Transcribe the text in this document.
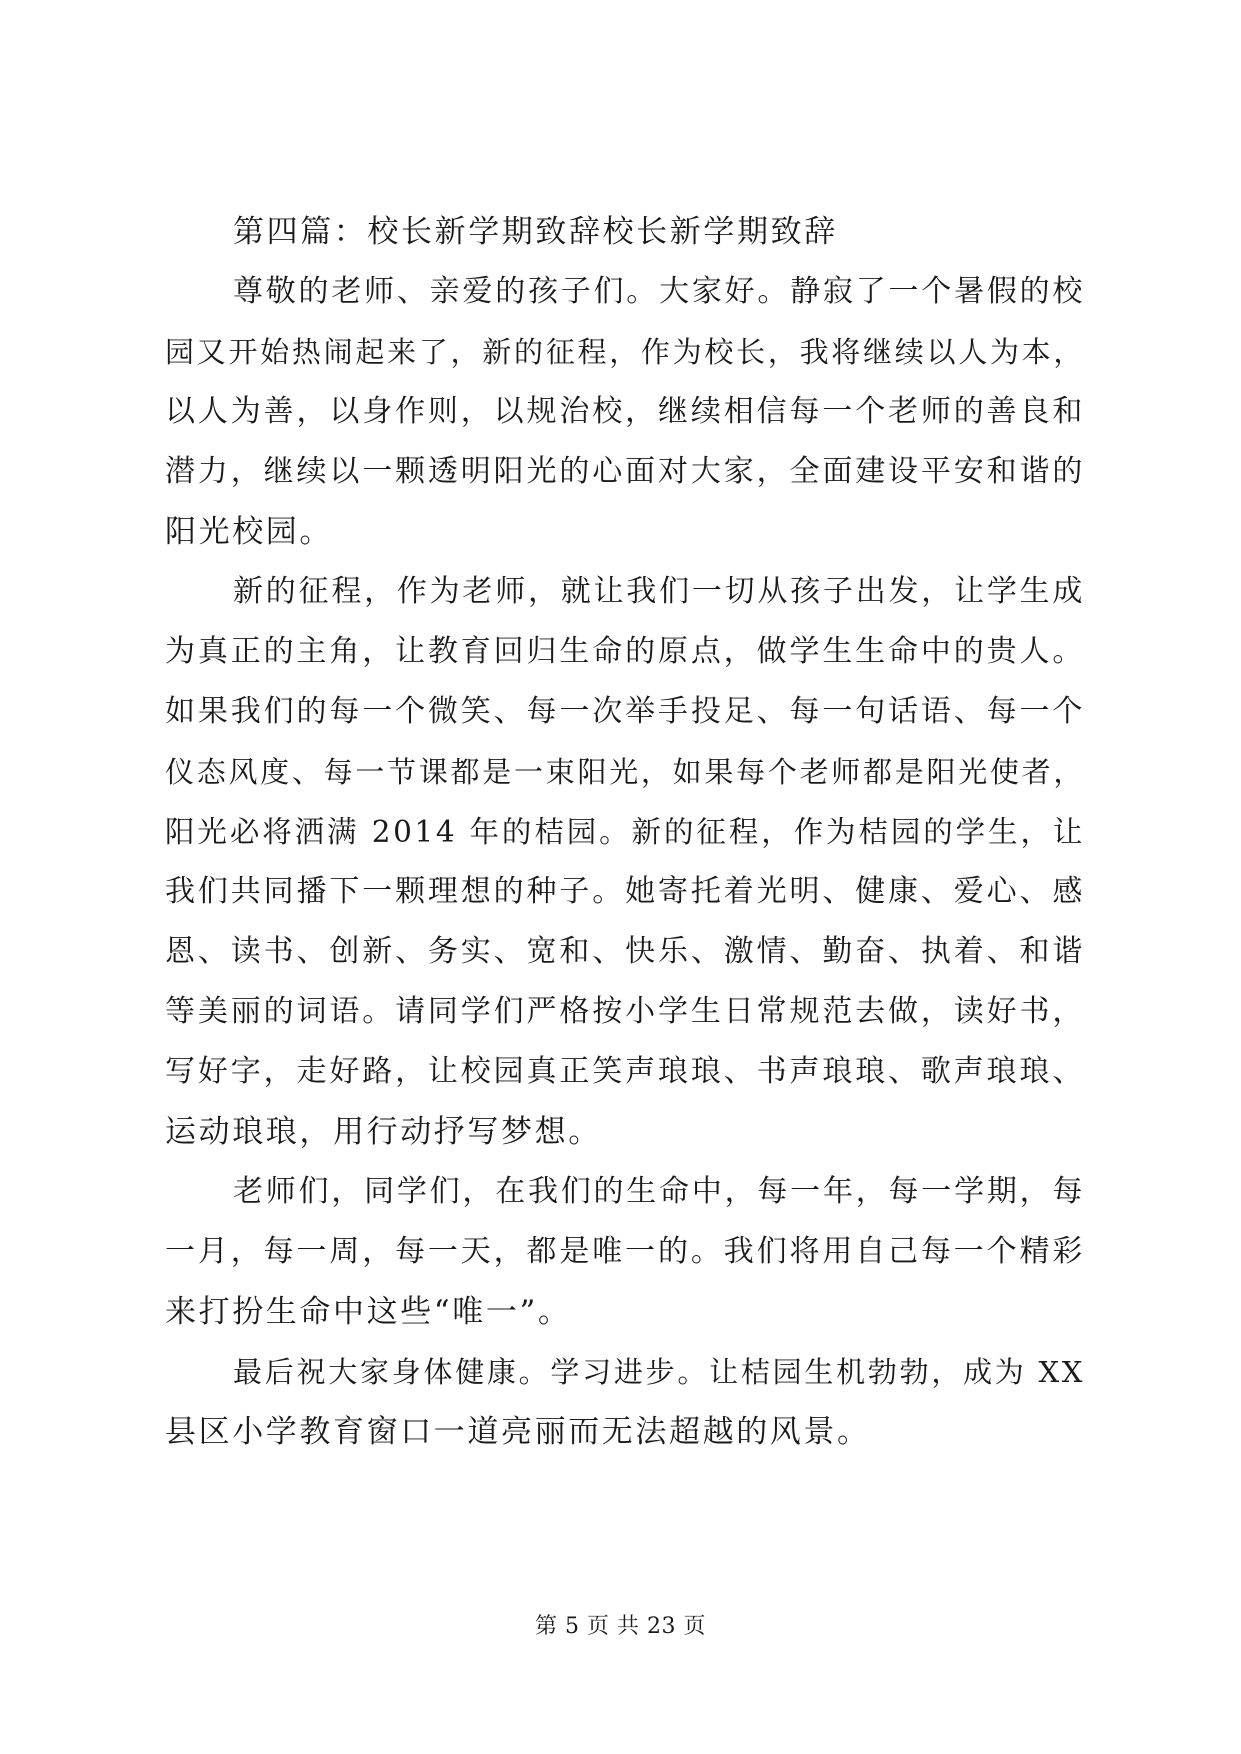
第四篇：校长新学期致辞校长新学期致辞
尊敬的老师、亲爱的孩子们。大家好。静寂了一个暑假的校
园又开始热闹起来了，新的征程，作为校长，我将继续以人为本，
以人为善，以身作则，以规治校，继续相信每一个老师的善良和
潜力，继续以一颗透明阳光的心面对大家，全面建设平安和谐的
阳光校园。
新的征程，作为老师，就让我们一切从孩子出发，让学生成
为真正的主角，让教育回归生命的原点，做学生生命中的贵人。
如果我们的每一个微笑、每一次举手投足、每一句话语、每一个
仪态风度、每一节课都是一束阳光，如果每个老师都是阳光使者，
阳光必将洒满 2014 年的桔园。新的征程，作为桔园的学生，让
我们共同播下一颗理想的种子。她寄托着光明、健康、爱心、感
恩、读书、创新、务实、宽和、快乐、激情、勤奋、执着、和谐
等美丽的词语。请同学们严格按小学生日常规范去做，读好书，
写好字，走好路，让校园真正笑声琅琅、书声琅琅、歌声琅琅、
运动琅琅，用行动抒写梦想。
老师们，同学们，在我们的生命中，每一年，每一学期，每
一月，每一周，每一天，都是唯一的。我们将用自己每一个精彩
来打扮生命中这些“唯一”。
最后祝大家身体健康。学习进步。让桔园生机勃勃，成为 XX
县区小学教育窗口一道亮丽而无法超越的风景。
第 5 页 共 23 页
